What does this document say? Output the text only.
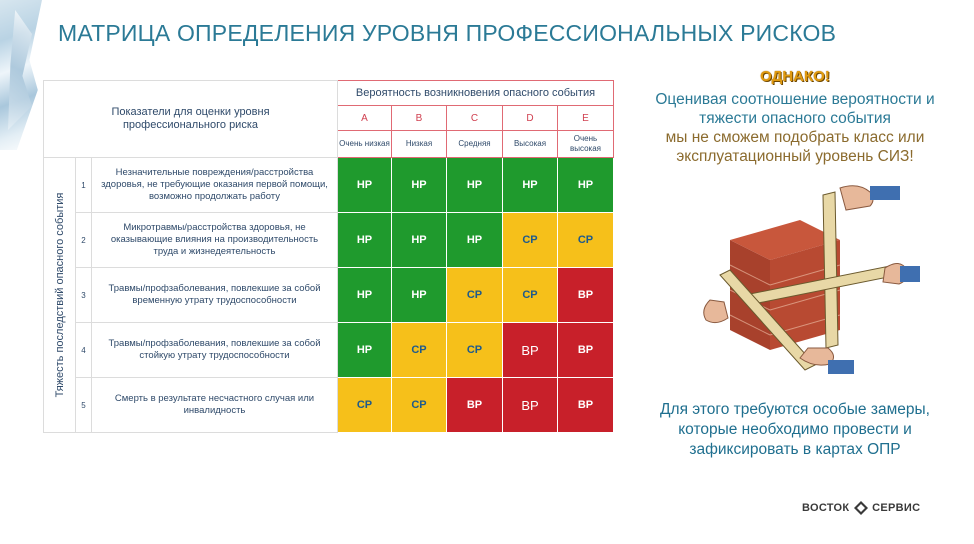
МАТРИЦА ОПРЕДЕЛЕНИЯ УРОВНЯ ПРОФЕССИОНАЛЬНЫХ РИСКОВ
Показатели для оценки уровня профессионального риска			Вероятность возникновения опасного события				
			A	B	C	D	E
			Очень низкая	Низкая	Средняя	Высокая	Очень высокая

Тяжесть последствий опасного события	1	Незначительные повреждения/расстройства здоровья, не требующие оказания первой помощи, возможно продолжать работу	НР	НР	НР	НР	НР
	2	Микротравмы/расстройства здоровья, не оказывающие влияния на производительность труда и жизнедеятельность	НР	НР	НР	СР	СР
	3	Травмы/профзаболевания, повлекшие за собой временную утрату трудоспособности	НР	НР	СР	СР	ВР
	4	Травмы/профзаболевания, повлекшие за собой стойкую утрату трудоспособности	НР	СР	СР	ВР	ВР
	5	Смерть в результате несчастного случая или инвалидность	СР	СР	ВР	ВР	ВР
ОДНАКО!
Оценивая соотношение вероятности и
тяжести опасного события
мы не сможем подобрать класс или
эксплуатационный уровень СИЗ!
Для этого требуются особые замеры,
которые необходимо провести и
зафиксировать в картах ОПР
ВОСТОК СЕРВИС
